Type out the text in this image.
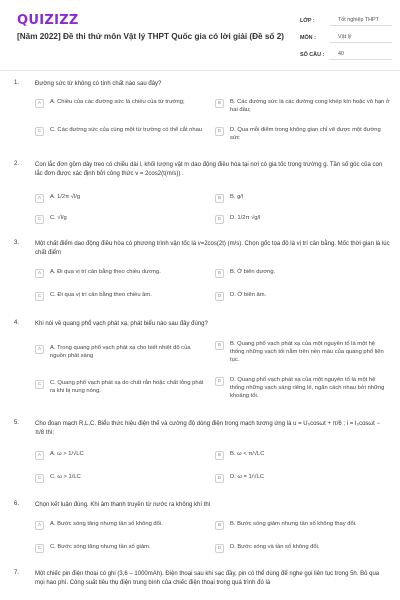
QUIZIZZ
[Năm 2022] Đề thi thử môn Vật lý THPT Quốc gia có lời giải (Đề số 2)
LỚP :	Tốt nghiệp THPT
MÔN :	Vật lý
SỐ CÂU :	40
1.	Đường sức từ không có tính chất nào sau đây?
A	A. Chiều của các đường sức là chiều của từ trường;	B	B. Các đường sức là các đường cong khép kín hoặc vô hạn ở hai đầu;
C	C. Các đường sức của cùng một từ trường có thể cắt nhau	D	D. Qua mỗi điểm trong không gian chỉ vẽ được một đường sức
2.	Con lắc đơn gồm dây treo có chiều dài l, khối lượng vật m dao động điều hòa tại nơi có gia tốc trọng trường g. Tần số góc của con lắc đơn được xác định bởi công thức v = 2cos2(t(m/s)) .
A	A. 1/2π √l/g	B	B. g/l
C	C. √l/g	D	D. 1/2π √g/l
3.	Một chất điểm dao động điều hòa có phương trình vận tốc là v=2cos(2t) (m/s). Chọn gốc tọa độ là vị trí cân bằng. Mốc thời gian là lúc chất điểm
A	A. Đi qua vị trí cân bằng theo chiều dương.	B	B. Ở biên dương.
C	C. Đi qua vị trí cân bằng theo chiều âm.	D	D. Ở biên âm.
4.	Khi nói về quang phổ vạch phát xạ, phát biểu nào sau đây đúng?
A	A. Trong quang phổ vạch phát xạ cho biết nhiệt độ của nguồn phát sáng
B	B. Quang phổ vạch phát xạ của một nguyên tố là một hệ thống những vạch tối nằm trên nền màu của quang phổ liên tục.
C	C. Quang phổ vạch phát xạ do chất rắn hoặc chất lỏng phát ra khi bị nung nóng.
D	D. Quang phổ vạch phát xạ của một nguyên tố là một hệ thống những vạch sáng riêng lẻ, ngăn cách nhau bởi những khoảng tối.
5.	Cho đoạn mạch R,L,C. Biểu thức hiệu điện thế và cường độ dòng điện trong mạch tương ứng là u = U₀cosωt + π/6 ; i = I₀cosωt − π/8 thì:
A	A. ω > 1/√LC	B	B. ω < π/√LC
C	C. ω > 1/LC	D	D. ω = 1/√LC
6.	Chọn kết luận đúng. Khi âm thanh truyền từ nước ra không khí thì
A	A. Bước sóng tăng nhưng tần số không đổi.	B	B. Bước sóng giảm nhưng tần số không thay đổi.
C	C. Bước sóng tăng nhưng tần số giảm.	D	D. Bước sóng và tần số không đổi.
7.	Một chiếc pin điện thoại có ghi (3,6 – 1000mAh). Điện thoại sau khi sạc đầy, pin có thể dùng để nghe gọi liên tục trong 5h. Bỏ qua mọi hao phí. Công suất tiêu thụ điện trung bình của chiếc điện thoại trong quá trình đó là
